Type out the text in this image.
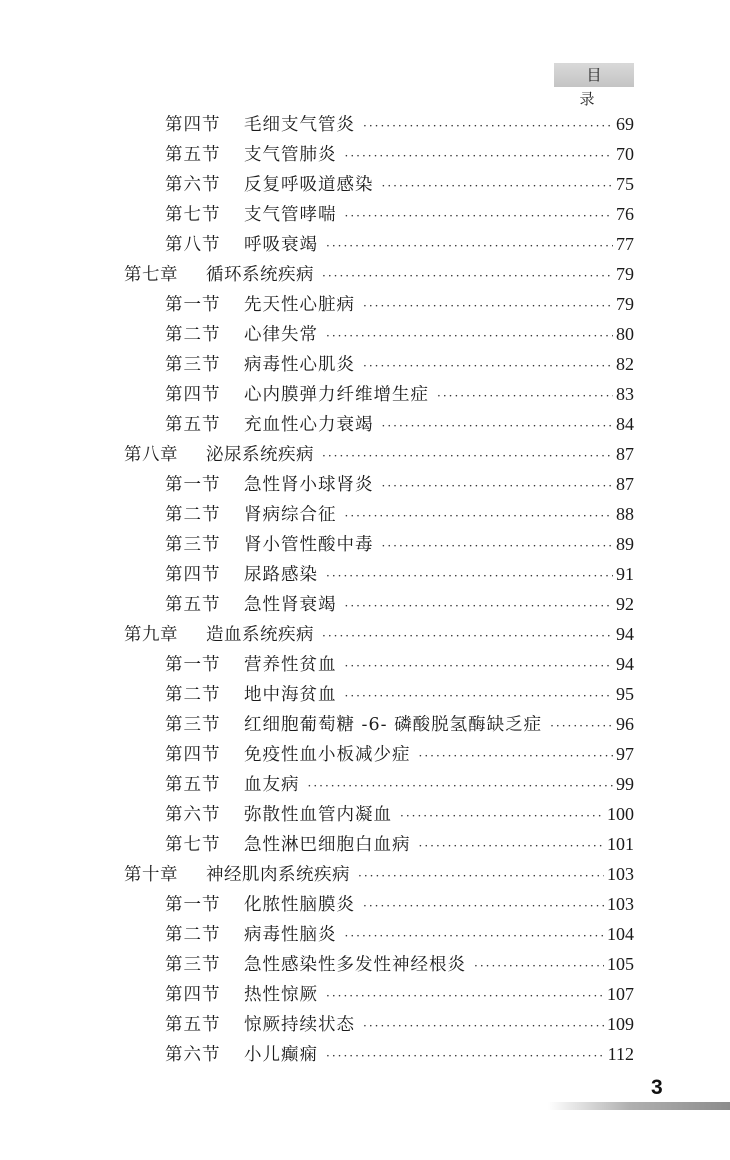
目 录
第四节	毛细支气管炎 ·····	69
第五节	支气管肺炎 ·····	70
第六节	反复呼吸道感染 ·····	75
第七节	支气管哮喘 ·····	76
第八节	呼吸衰竭 ·····	77
第七章	循环系统疾病 ·····	79
第一节	先天性心脏病 ·····	79
第二节	心律失常 ·····	80
第三节	病毒性心肌炎 ·····	82
第四节	心内膜弹力纤维增生症 ·····	83
第五节	充血性心力衰竭 ·····	84
第八章	泌尿系统疾病 ·····	87
第一节	急性肾小球肾炎 ·····	87
第二节	肾病综合征 ·····	88
第三节	肾小管性酸中毒 ·····	89
第四节	尿路感染 ·····	91
第五节	急性肾衰竭 ·····	92
第九章	造血系统疾病 ·····	94
第一节	营养性贫血 ·····	94
第二节	地中海贫血 ·····	95
第三节	红细胞葡萄糖 -6- 磷酸脱氢酶缺乏症 ·····	96
第四节	免疫性血小板减少症 ·····	97
第五节	血友病 ·····	99
第六节	弥散性血管内凝血 ·····	100
第七节	急性淋巴细胞白血病 ·····	101
第十章	神经肌肉系统疾病 ·····	103
第一节	化脓性脑膜炎 ·····	103
第二节	病毒性脑炎 ·····	104
第三节	急性感染性多发性神经根炎 ·····	105
第四节	热性惊厥 ·····	107
第五节	惊厥持续状态 ·····	109
第六节	小儿癫痫 ·····	112
3
